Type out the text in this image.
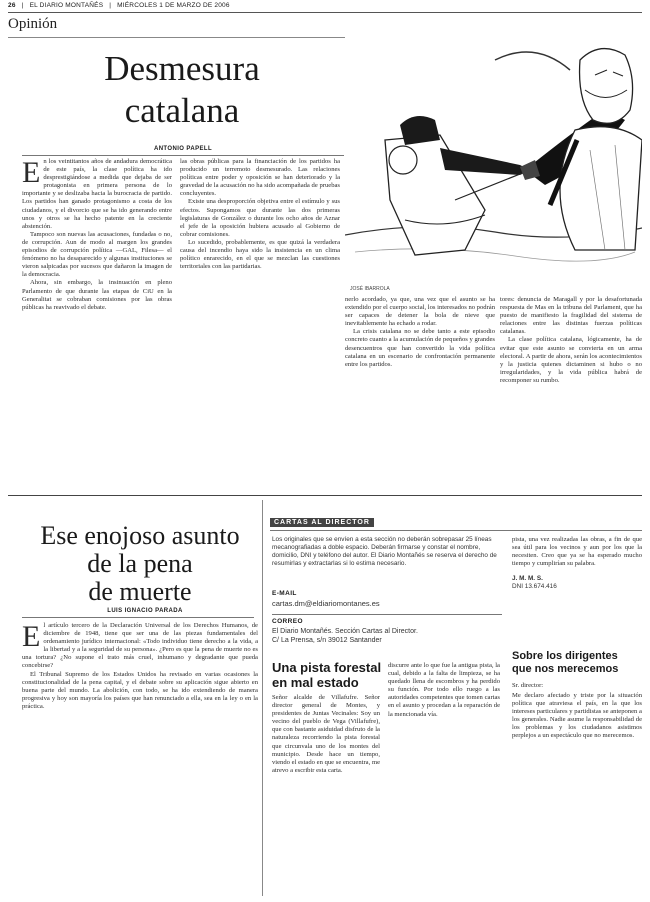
26 | EL DIARIO MONTAÑÉS | MIÉRCOLES 1 DE MARZO DE 2006
Opinión
Desmesura
catalana
ANTONIO PAPELL
JOSÉ IBARROLA

En los veintitantos años de andadura democrática de este país, la clase política ha ido desprestigiándose a medida que dejaba de ser protagonista en primera persona de lo importante y se deslizaba hacia la burocracia de partido. Los partidos han ganado protagonismo a costa de los ciudadanos, y el divorcio que se ha ido generando entre unos y otros se ha hecho patente en la creciente abstención.

Tampoco son nuevas las acusaciones, fundadas o no, de corrupción. Aun de modo al margen los grandes episodios de corrupción política —GAL, Filesa— el fenómeno no ha desaparecido y algunas instituciones se vieron salpicadas por sucesos que dañaron la imagen de la democracia.

Ahora, sin embargo, la insinuación en pleno Parlamento de que durante las etapas de CiU en la Generalitat se cobraban comisiones por las obras públicas ha reavivado el debate.

las obras públicas para la financiación de los partidos ha producido un terremoto desmesurado. Las relaciones políticas entre poder y oposición se han deteriorado y la gravedad de la acusación no ha sido acompañada de pruebas concluyentes.

Existe una desproporción objetiva entre el estímulo y sus efectos. Supongamos que durante las dos primeras legislaturas de González o durante los ocho años de Aznar el jefe de la oposición hubiera acusado al Gobierno de cobrar comisiones.

Lo sucedido, probablemente, es que quizá la verdadera causa del incendio haya sido la insistencia en un clima político enrarecido, en el que se mezclan las cuestiones territoriales con las partidarias.

nerlo acordado, ya que, una vez que el asunto se ha extendido por el cuerpo social, los interesados no podrán ser capaces de detener la bola de nieve que inevitablemente ha echado a rodar.

La crisis catalana no se debe tanto a este episodio concreto cuanto a la acumulación de pequeños y grandes desencuentros que han convertido la vida política catalana en un escenario de confrontación permanente entre los partidos.

tores: denuncia de Maragall y por la desafortunada respuesta de Mas en la tribuna del Parlament, que ha puesto de manifiesto la fragilidad del sistema de relaciones entre las distintas fuerzas políticas catalanas.

La clase política catalana, lógicamente, ha de evitar que este asunto se convierta en un arma electoral. A partir de ahora, serán los acontecimientos y la justicia quienes dictaminen si hubo o no irregularidades, y la vida pública habrá de recomponer su rumbo.

Ese enojoso asunto
de la pena
de muerte
LUIS IGNACIO PARADA

El artículo tercero de la Declaración Universal de los Derechos Humanos, de diciembre de 1948, tiene que ser una de las piezas fundamentales del ordenamiento jurídico internacional: «Todo individuo tiene derecho a la vida, a la libertad y a la seguridad de su persona». ¿Pero es que la pena de muerte no es una tortura? ¿No supone el trato más cruel, inhumano y degradante que pueda concebirse?

El Tribunal Supremo de los Estados Unidos ha revisado en varias ocasiones la constitucionalidad de la pena capital, y el debate sobre su aplicación sigue abierto en buena parte del mundo. La abolición, con todo, se ha ido extendiendo de manera progresiva y hoy son mayoría los países que han renunciado a ella, sea en la ley o en la práctica.

CARTAS AL DIRECTOR
Los originales que se envíen a esta sección no deberán sobrepasar 25 líneas mecanografiadas a doble espacio. Deberán firmarse y constar el nombre, domicilio, DNI y teléfono del autor. El Diario Montañés se reserva el derecho de resumirlas y extractarlas si lo estima necesario.
E-MAIL
cartas.dm@eldiariomontanes.es
CORREO
El Diario Montañés. Sección Cartas al Director.
C/ La Prensa, s/n 39012 Santander
pista, una vez realizadas las obras, a fin de que sea útil para los vecinos y aun por los que la necesiten. Creo que ya se ha esperado mucho tiempo y cumplirían su palabra.
J. M. M. S.
DNI 13.674.416
Una pista forestal
en mal estado
Señor alcalde de Villafufre. Señor director general de Montes, y presidentes de Juntas Vecinales: Soy un vecino del pueblo de Vega (Villafufre), que con bastante asiduidad disfruto de la naturaleza recorriendo la pista forestal que circunvala uno de los montes del municipio. Desde hace un tiempo, viendo el estado en que se encuentra, me atrevo a escribir esta carta.
discurre ante lo que fue la antigua pista, la cual, debido a la falta de limpieza, se ha quedado llena de escombros y ha perdido su función. Por todo ello ruego a las autoridades competentes que tomen cartas en el asunto y procedan a la reparación de la mencionada vía.
Sobre los dirigentes
que nos merecemos
Sr. director:
Me declaro afectado y triste por la situación política que atraviesa el país, en la que los intereses particulares y partidistas se anteponen a los generales. Nadie asume la responsabilidad de los problemas y los ciudadanos asistimos perplejos a un espectáculo que no merecemos.
